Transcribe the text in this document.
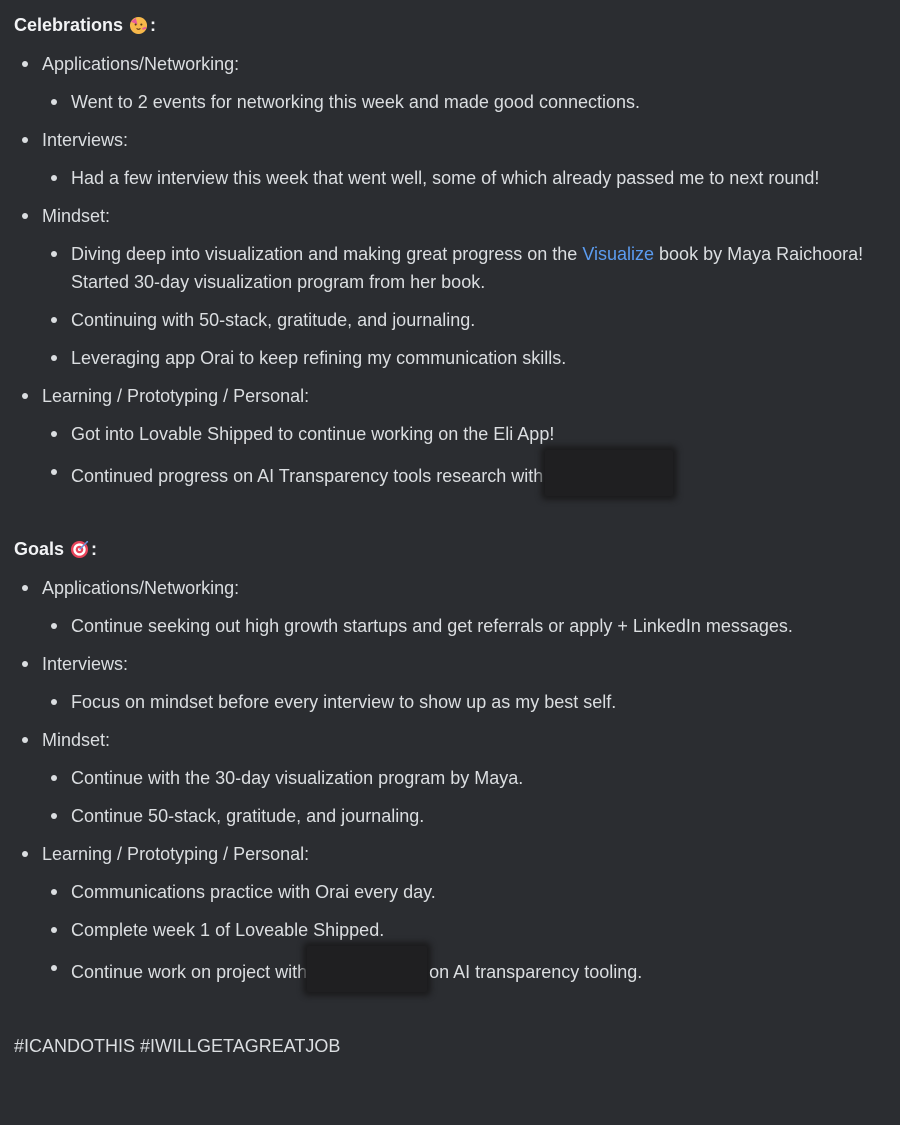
Celebrations :
Applications/Networking:
Went to 2 events for networking this week and made good connections.
Interviews:
Had a few interview this week that went well, some of which already passed me to next round!
Mindset:
Diving deep into visualization and making great progress on the Visualize book by Maya Raichoora! Started 30-day visualization program from her book.
Continuing with 50-stack, gratitude, and journaling.
Leveraging app Orai to keep refining my communication skills.
Learning / Prototyping / Personal:
Got into Lovable Shipped to continue working on the Eli App!
Continued progress on AI Transparency tools research with
Goals :
Applications/Networking:
Continue seeking out high growth startups and get referrals or apply + LinkedIn messages.
Interviews:
Focus on mindset before every interview to show up as my best self.
Mindset:
Continue with the 30-day visualization program by Maya.
Continue 50-stack, gratitude, and journaling.
Learning / Prototyping / Personal:
Communications practice with Orai every day.
Complete week 1 of Loveable Shipped.
Continue work on project with	on AI transparency tooling.
#ICANDOTHIS #IWILLGETAGREATJOB
